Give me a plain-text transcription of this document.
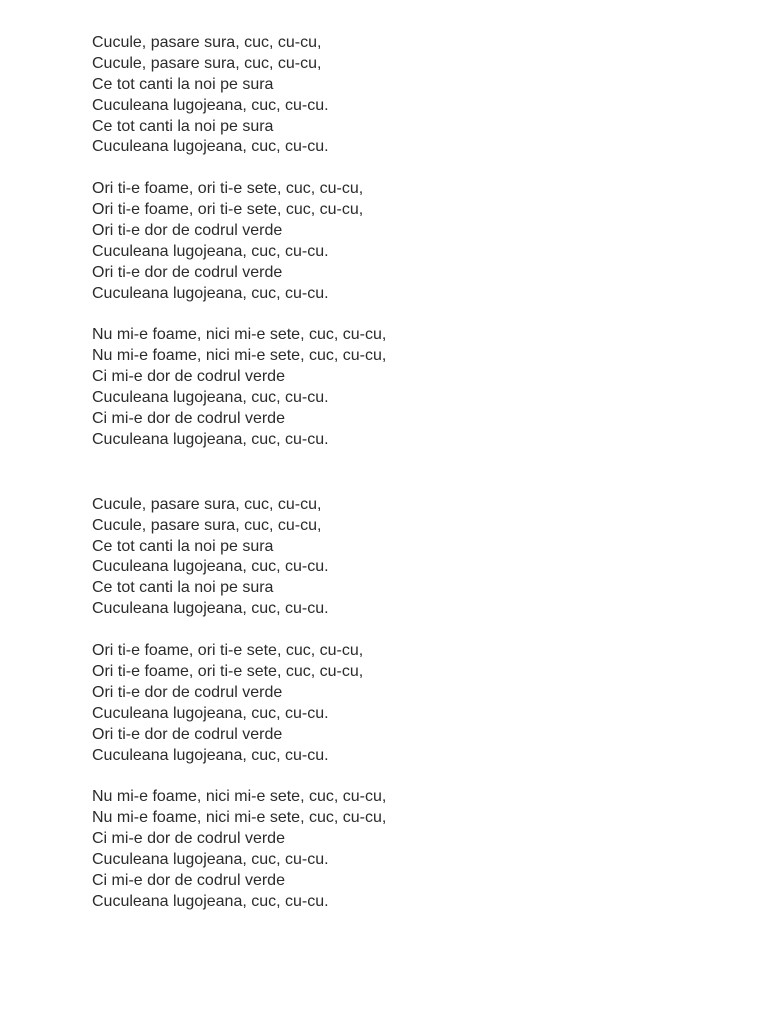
Cucule, pasare sura, cuc, cu-cu,
Cucule, pasare sura, cuc, cu-cu,
Ce tot canti la noi pe sura
Cuculeana lugojeana, cuc, cu-cu.
Ce tot canti la noi pe sura
Cuculeana lugojeana, cuc, cu-cu.
Ori ti-e foame, ori ti-e sete, cuc, cu-cu,
Ori ti-e foame, ori ti-e sete, cuc, cu-cu,
Ori ti-e dor de codrul verde
Cuculeana lugojeana, cuc, cu-cu.
Ori ti-e dor de codrul verde
Cuculeana lugojeana, cuc, cu-cu.
Nu mi-e foame, nici mi-e sete, cuc, cu-cu,
Nu mi-e foame, nici mi-e sete, cuc, cu-cu,
Ci mi-e dor de codrul verde
Cuculeana lugojeana, cuc, cu-cu.
Ci mi-e dor de codrul verde
Cuculeana lugojeana, cuc, cu-cu.
Cucule, pasare sura, cuc, cu-cu,
Cucule, pasare sura, cuc, cu-cu,
Ce tot canti la noi pe sura
Cuculeana lugojeana, cuc, cu-cu.
Ce tot canti la noi pe sura
Cuculeana lugojeana, cuc, cu-cu.
Ori ti-e foame, ori ti-e sete, cuc, cu-cu,
Ori ti-e foame, ori ti-e sete, cuc, cu-cu,
Ori ti-e dor de codrul verde
Cuculeana lugojeana, cuc, cu-cu.
Ori ti-e dor de codrul verde
Cuculeana lugojeana, cuc, cu-cu.
Nu mi-e foame, nici mi-e sete, cuc, cu-cu,
Nu mi-e foame, nici mi-e sete, cuc, cu-cu,
Ci mi-e dor de codrul verde
Cuculeana lugojeana, cuc, cu-cu.
Ci mi-e dor de codrul verde
Cuculeana lugojeana, cuc, cu-cu.
